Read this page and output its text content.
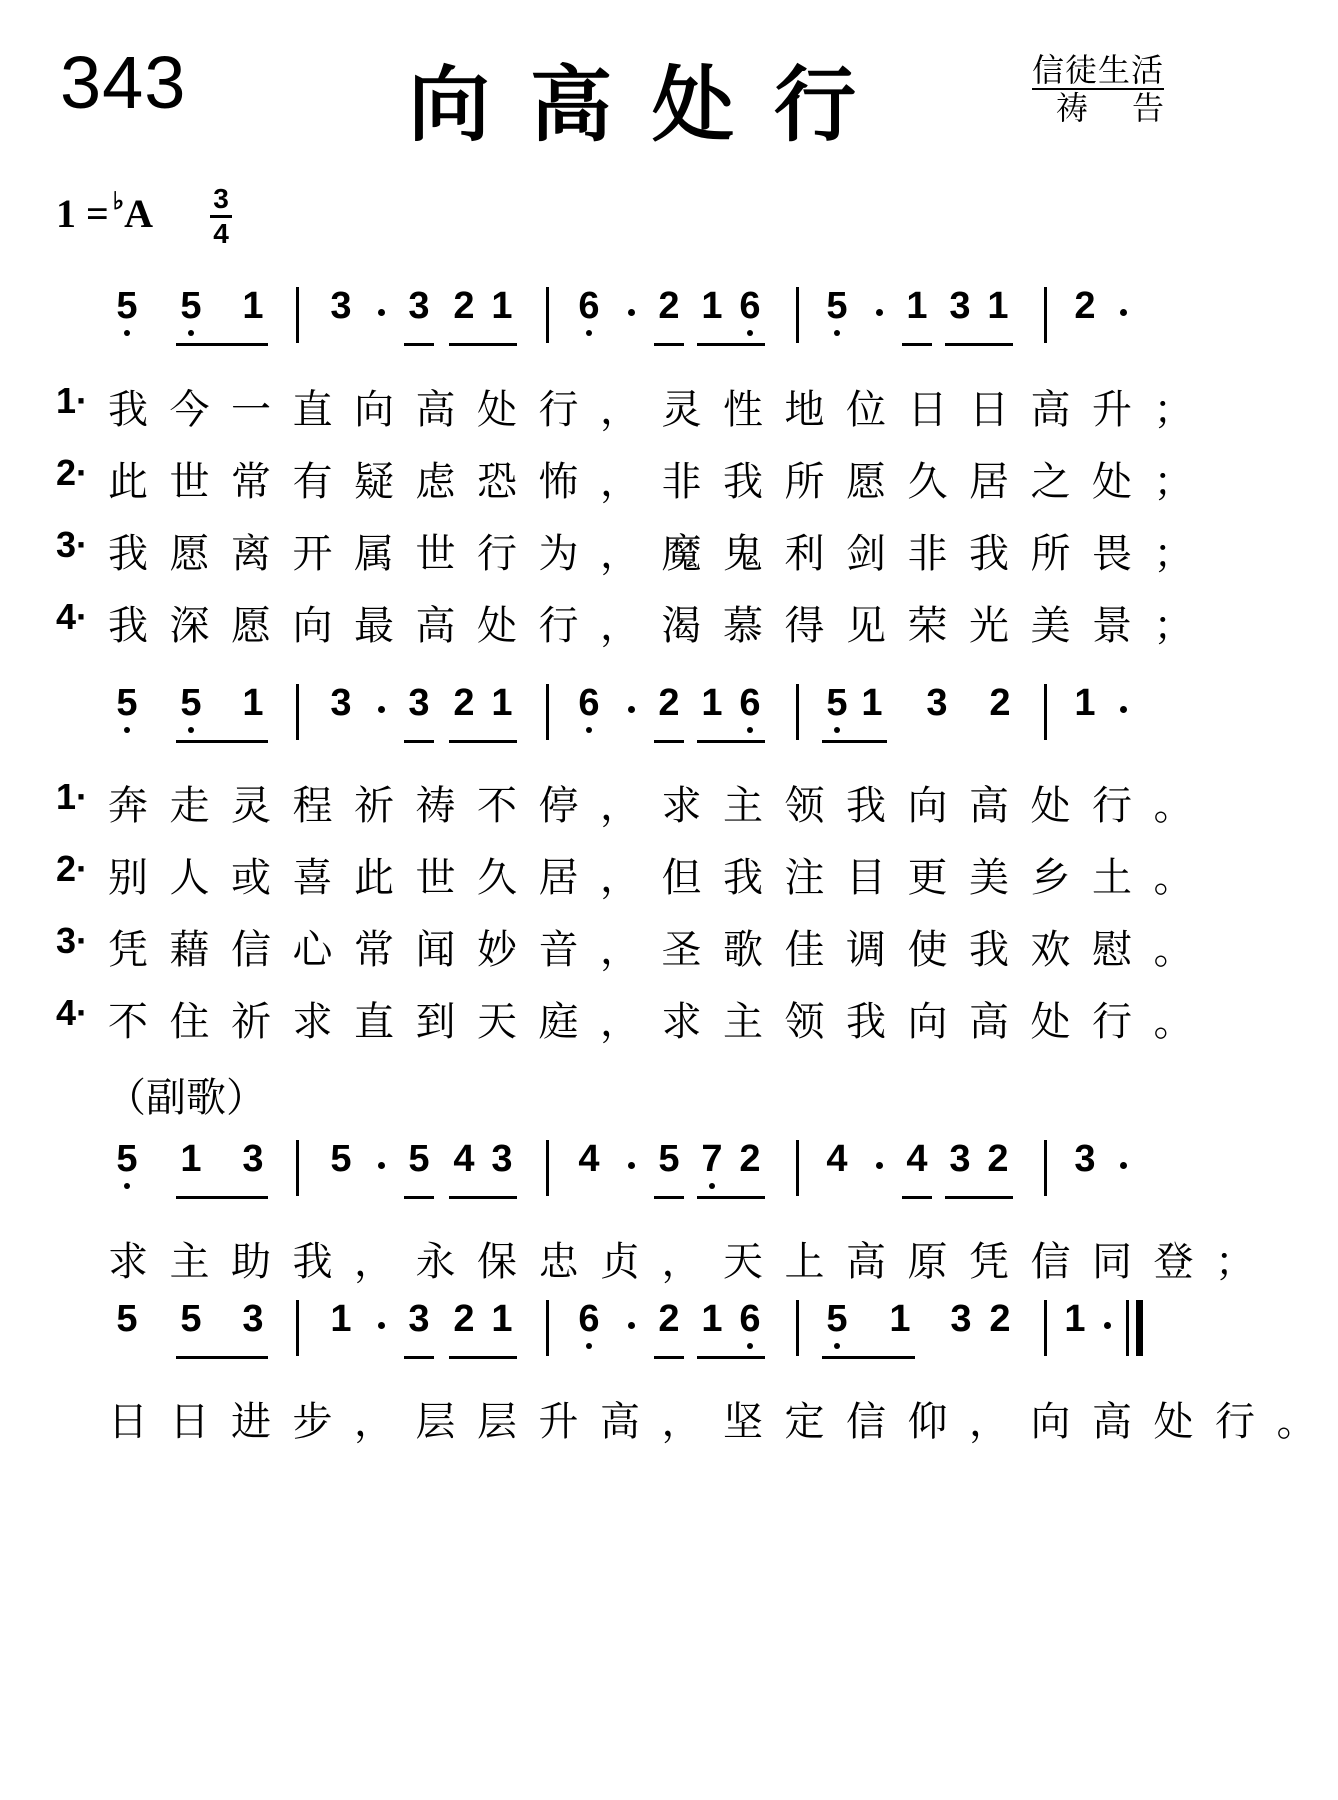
343	向高处行	信徒生活
祷告
1 = ♭A 3
4
5 5 1 3 3 2 1 6 2 1 6 5 1 3 1 2
1· 我今一直向高处行，灵性地位日日高升；
2· 此世常有疑虑恐怖，非我所愿久居之处；
3· 我愿离开属世行为，魔鬼利剑非我所畏；
4· 我深愿向最高处行，渴慕得见荣光美景；
5 5 1 3 3 2 1 6 2 1 6 5 1 3 2 1
1· 奔走灵程祈祷不停，求主领我向高处行。
2· 别人或喜此世久居，但我注目更美乡土。
3· 凭藉信心常闻妙音，圣歌佳调使我欢慰。
4· 不住祈求直到天庭，求主领我向高处行。
（副歌）
5 1 3 5 5 4 3 4 5 7 2 4 4 3 2 3
求主助我，永保忠贞，天上高原凭信同登；
5 5 3 1 3 2 1 6 2 1 6 5 1 3 2 1
日日进步，层层升高，坚定信仰，向高处行。
